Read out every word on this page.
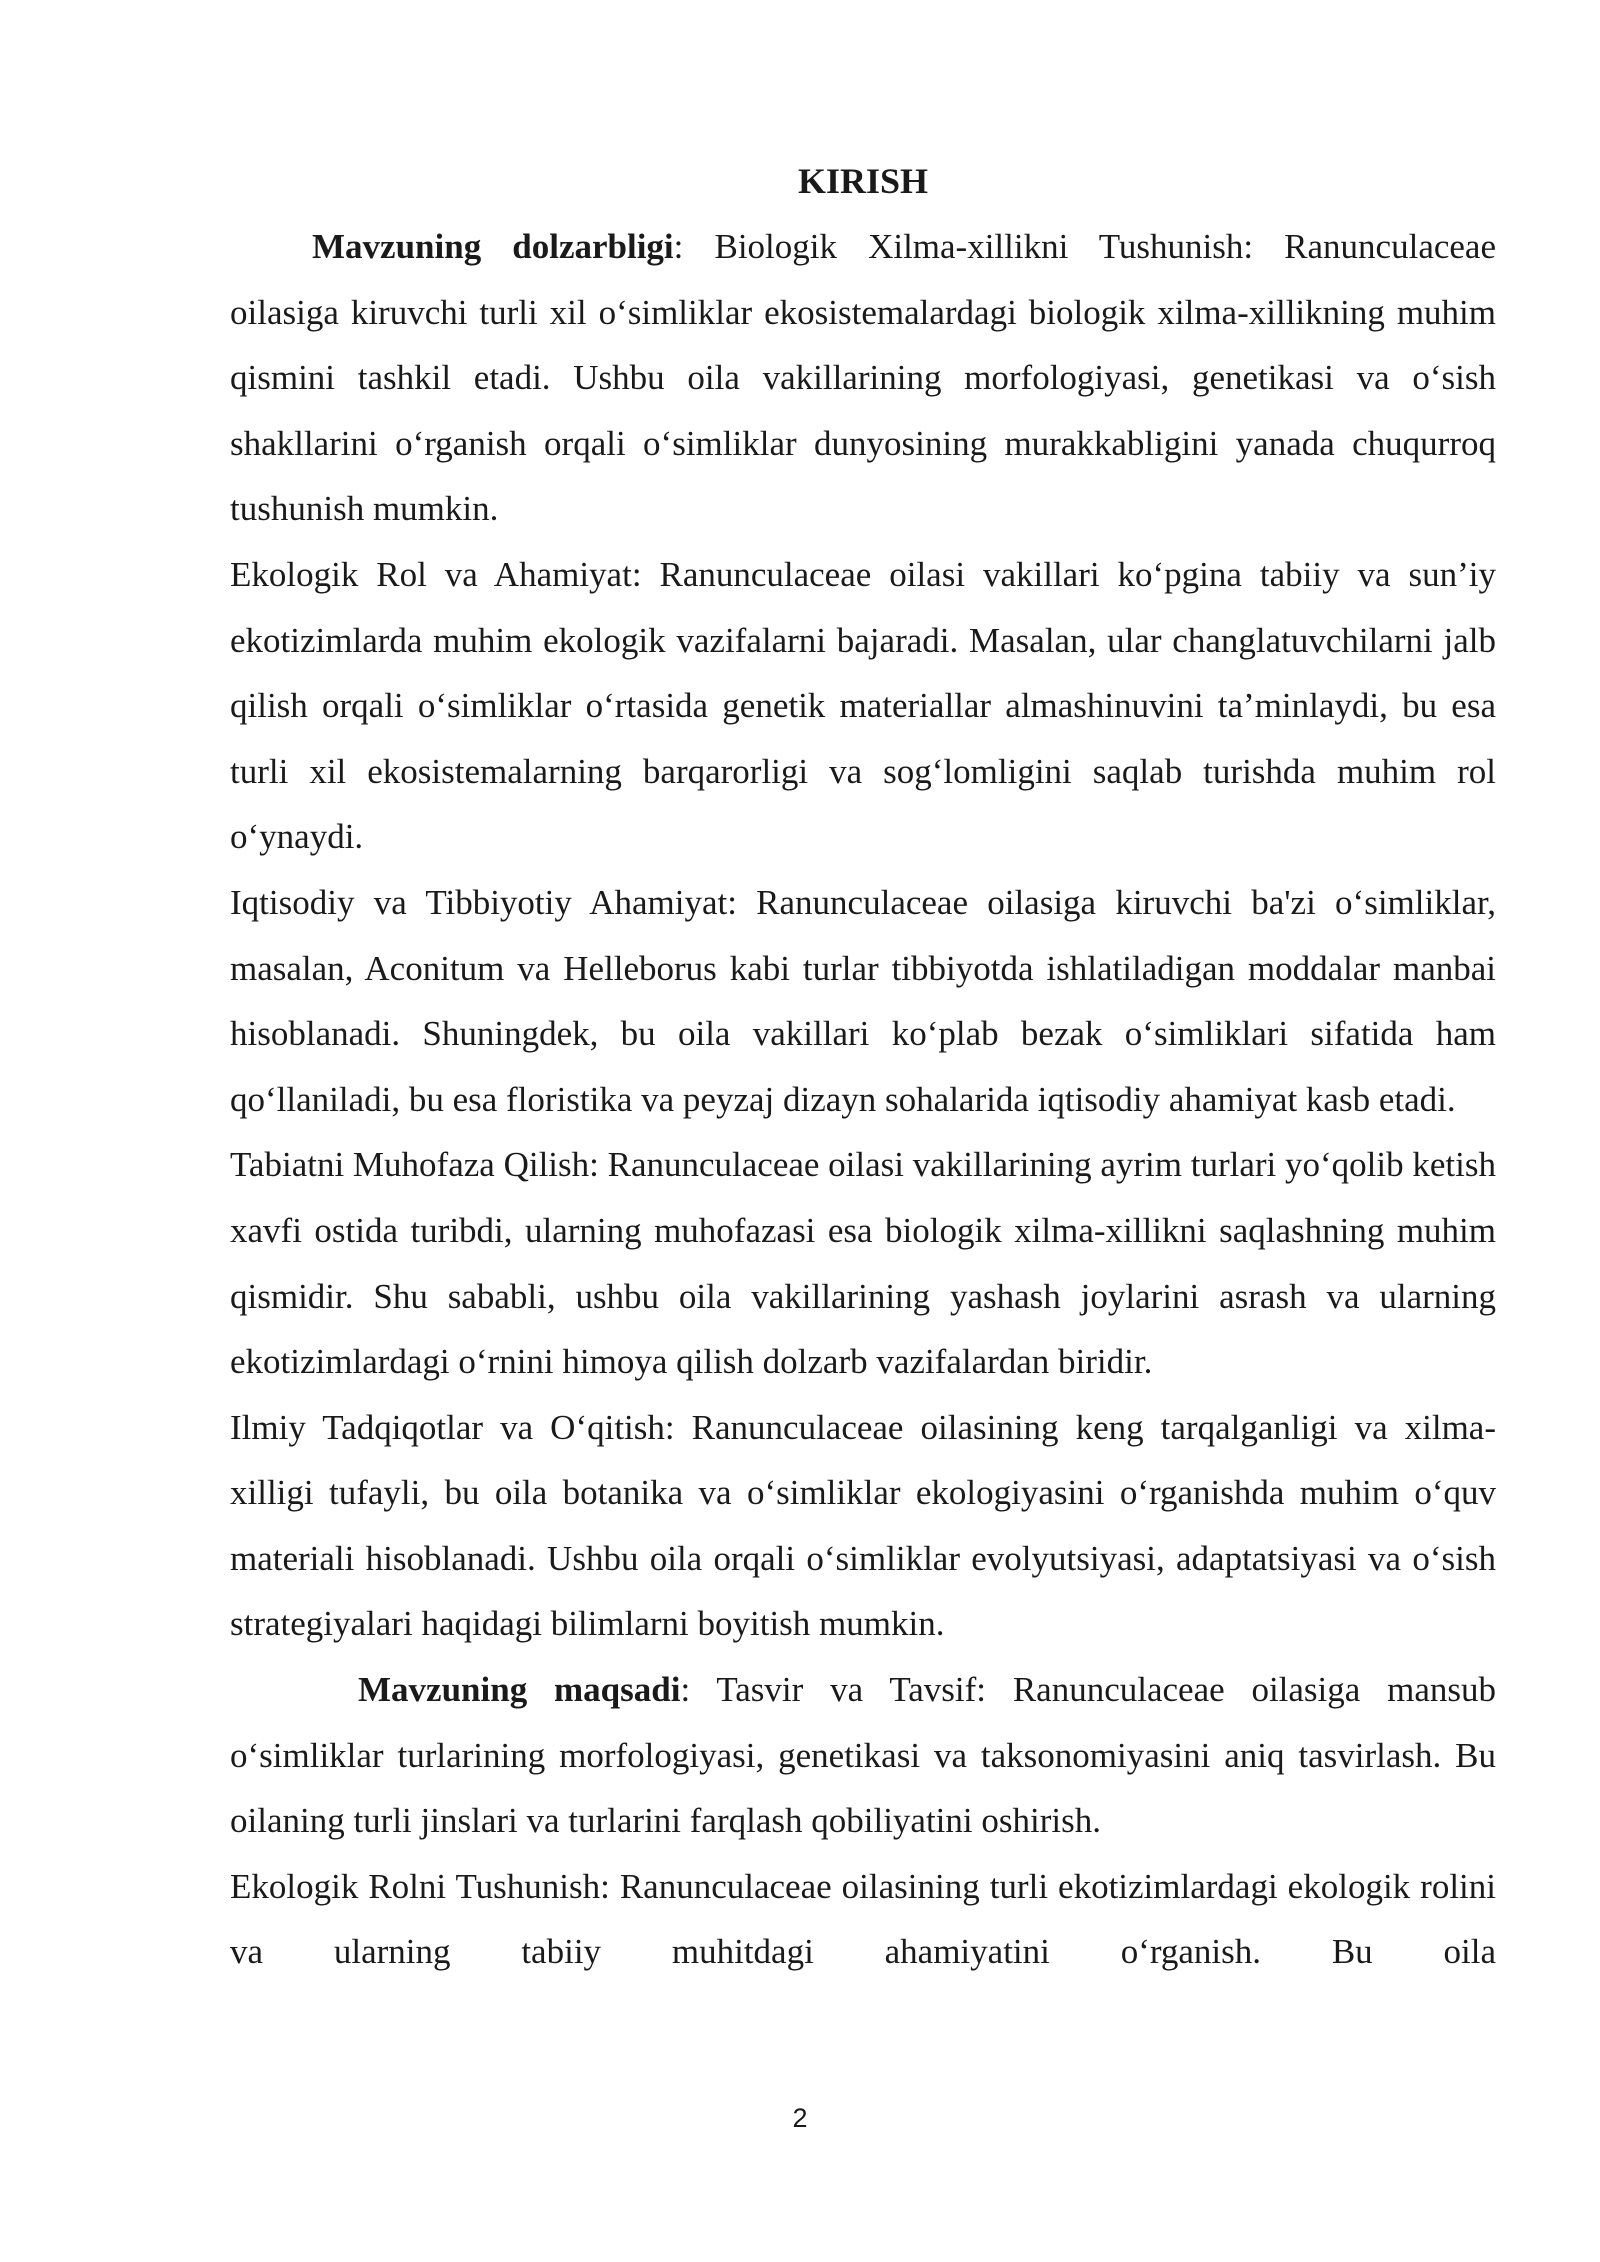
KIRISH

Mavzuning dolzarbligi: Biologik Xilma-xillikni Tushunish: Ranunculaceae oilasiga kiruvchi turli xil o‘simliklar ekosistemalardagi biologik xilma-xillikning muhim qismini tashkil etadi. Ushbu oila vakillarining morfologiyasi, genetikasi va o‘sish shakllarini o‘rganish orqali o‘simliklar dunyosining murakkabligini yanada chuqurroq tushunish mumkin.

Ekologik Rol va Ahamiyat: Ranunculaceae oilasi vakillari ko‘pgina tabiiy va sun’iy ekotizimlarda muhim ekologik vazifalarni bajaradi. Masalan, ular changlatuvchilarni jalb qilish orqali o‘simliklar o‘rtasida genetik materiallar almashinuvini ta’minlaydi, bu esa turli xil ekosistemalarning barqarorligi va sog‘lomligini saqlab turishda muhim rol o‘ynaydi.

Iqtisodiy va Tibbiyotiy Ahamiyat: Ranunculaceae oilasiga kiruvchi ba'zi o‘simliklar, masalan, Aconitum va Helleborus kabi turlar tibbiyotda ishlatiladigan moddalar manbai hisoblanadi. Shuningdek, bu oila vakillari ko‘plab bezak o‘simliklari sifatida ham qo‘llaniladi, bu esa floristika va peyzaj dizayn sohalarida iqtisodiy ahamiyat kasb etadi.

Tabiatni Muhofaza Qilish: Ranunculaceae oilasi vakillarining ayrim turlari yo‘qolib ketish xavfi ostida turibdi, ularning muhofazasi esa biologik xilma-xillikni saqlashning muhim qismidir. Shu sababli, ushbu oila vakillarining yashash joylarini asrash va ularning ekotizimlardagi o‘rnini himoya qilish dolzarb vazifalardan biridir.

Ilmiy Tadqiqotlar va O‘qitish: Ranunculaceae oilasining keng tarqalganligi va xilma-xilligi tufayli, bu oila botanika va o‘simliklar ekologiyasini o‘rganishda muhim o‘quv materiali hisoblanadi. Ushbu oila orqali o‘simliklar evolyutsiyasi, adaptatsiyasi va o‘sish strategiyalari haqidagi bilimlarni boyitish mumkin.

Mavzuning maqsadi: Tasvir va Tavsif: Ranunculaceae oilasiga mansub o‘simliklar turlarining morfologiyasi, genetikasi va taksonomiyasini aniq tasvirlash. Bu oilaning turli jinslari va turlarini farqlash qobiliyatini oshirish.

Ekologik Rolni Tushunish: Ranunculaceae oilasining turli ekotizimlardagi ekologik rolini va ularning tabiiy muhitdagi ahamiyatini o‘rganish. Bu oila

2
